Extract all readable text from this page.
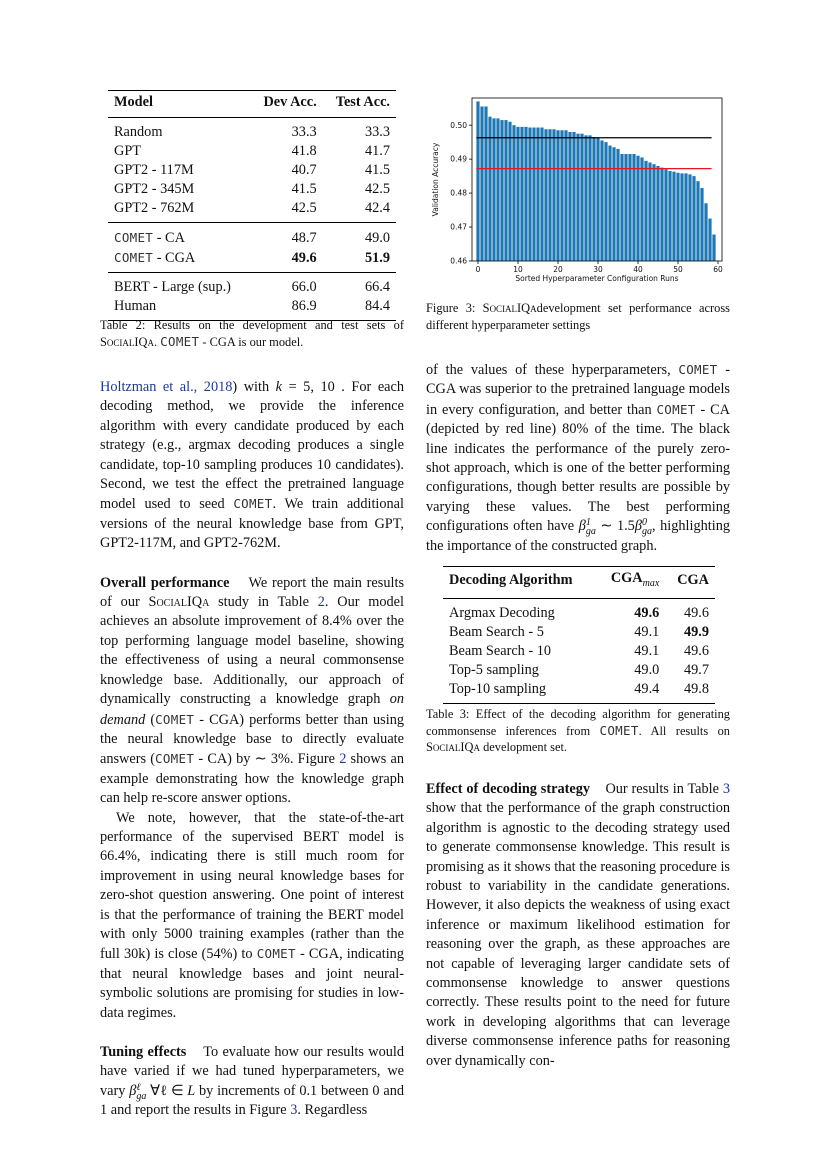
Model	Dev Acc.	Test Acc.
Random	33.3	33.3
GPT	41.8	41.7
GPT2 - 117M	40.7	41.5
GPT2 - 345M	41.5	42.5
GPT2 - 762M	42.5	42.4
COMET - CA	48.7	49.0
COMET - CGA	49.6	51.9
BERT - Large (sup.)	66.0	66.4
Human	86.9	84.4
Table 2: Results on the development and test sets of SocialIQa. COMET - CGA is our model.
0	10	20	30	40	50	60
0.46
0.47
0.48
0.49
0.50
Sorted Hyperparameter Configuration Runs
Validation Accuracy
Figure 3: SocialIQadevelopment set performance across different hyperparameter settings

Holtzman et al., 2018) with k = 5, 10 . For each decoding method, we provide the inference algorithm with every candidate produced by each strategy (e.g., argmax decoding produces a single candidate, top-10 sampling produces 10 candidates). Second, we test the effect the pretrained language model used to seed COMET. We train additional versions of the neural knowledge base from GPT, GPT2-117M, and GPT2-762M.

Overall performance We report the main results of our SocialIQa study in Table 2. Our model achieves an absolute improvement of 8.4% over the top performing language model baseline, showing the effectiveness of using a neural commonsense knowledge base. Additionally, our approach of dynamically constructing a knowledge graph on demand (COMET - CGA) performs better than using the neural knowledge base to directly evaluate answers (COMET - CA) by ∼ 3%. Figure 2 shows an example demonstrating how the knowledge graph can help re-score answer options.

We note, however, that the state-of-the-art performance of the supervised BERT model is 66.4%, indicating there is still much room for improvement in using neural knowledge bases for zero-shot question answering. One point of interest is that the performance of training the BERT model with only 5000 training examples (rather than the full 30k) is close (54%) to COMET - CGA, indicating that neural knowledge bases and joint neural-symbolic solutions are promising for studies in low-data regimes.

Tuning effects To evaluate how our results would have varied if we had tuned hyperparameters, we vary β ℓ
ga ∀ℓ ∈ L by increments of 0.1 between 0 and 1 and report the results in Figure 3. Regardless

of the values of these hyperparameters, COMET - CGA was superior to the pretrained language models in every configuration, and better than COMET - CA (depicted by red line) 80% of the time. The black line indicates the performance of the purely zero-shot approach, which is one of the better performing configurations, though better results are possible by varying these values. The best performing configurations often have β 1
ga ∼ 1.5β 0
ga , highlighting the importance of the constructed graph.

Decoding Algorithm	$CGA_{max}$	CGA
Argmax Decoding	49.6	49.6
Beam Search - 5	49.1	49.9
Beam Search - 10	49.1	49.6
Top-5 sampling	49.0	49.7
Top-10 sampling	49.4	49.8
Table 3: Effect of the decoding algorithm for generating commonsense inferences from COMET. All results on SocialIQa development set.

Effect of decoding strategy Our results in Table 3 show that the performance of the graph construction algorithm is agnostic to the decoding strategy used to generate commonsense knowledge. This result is promising as it shows that the reasoning procedure is robust to variability in the candidate generations. However, it also depicts the weakness of using exact inference or maximum likelihood estimation for reasoning over the graph, as these approaches are not capable of leveraging larger candidate sets of commonsense knowledge to answer questions correctly. These results point to the need for future work in developing algorithms that can leverage diverse commonsense inference paths for reasoning over dynamically con-
